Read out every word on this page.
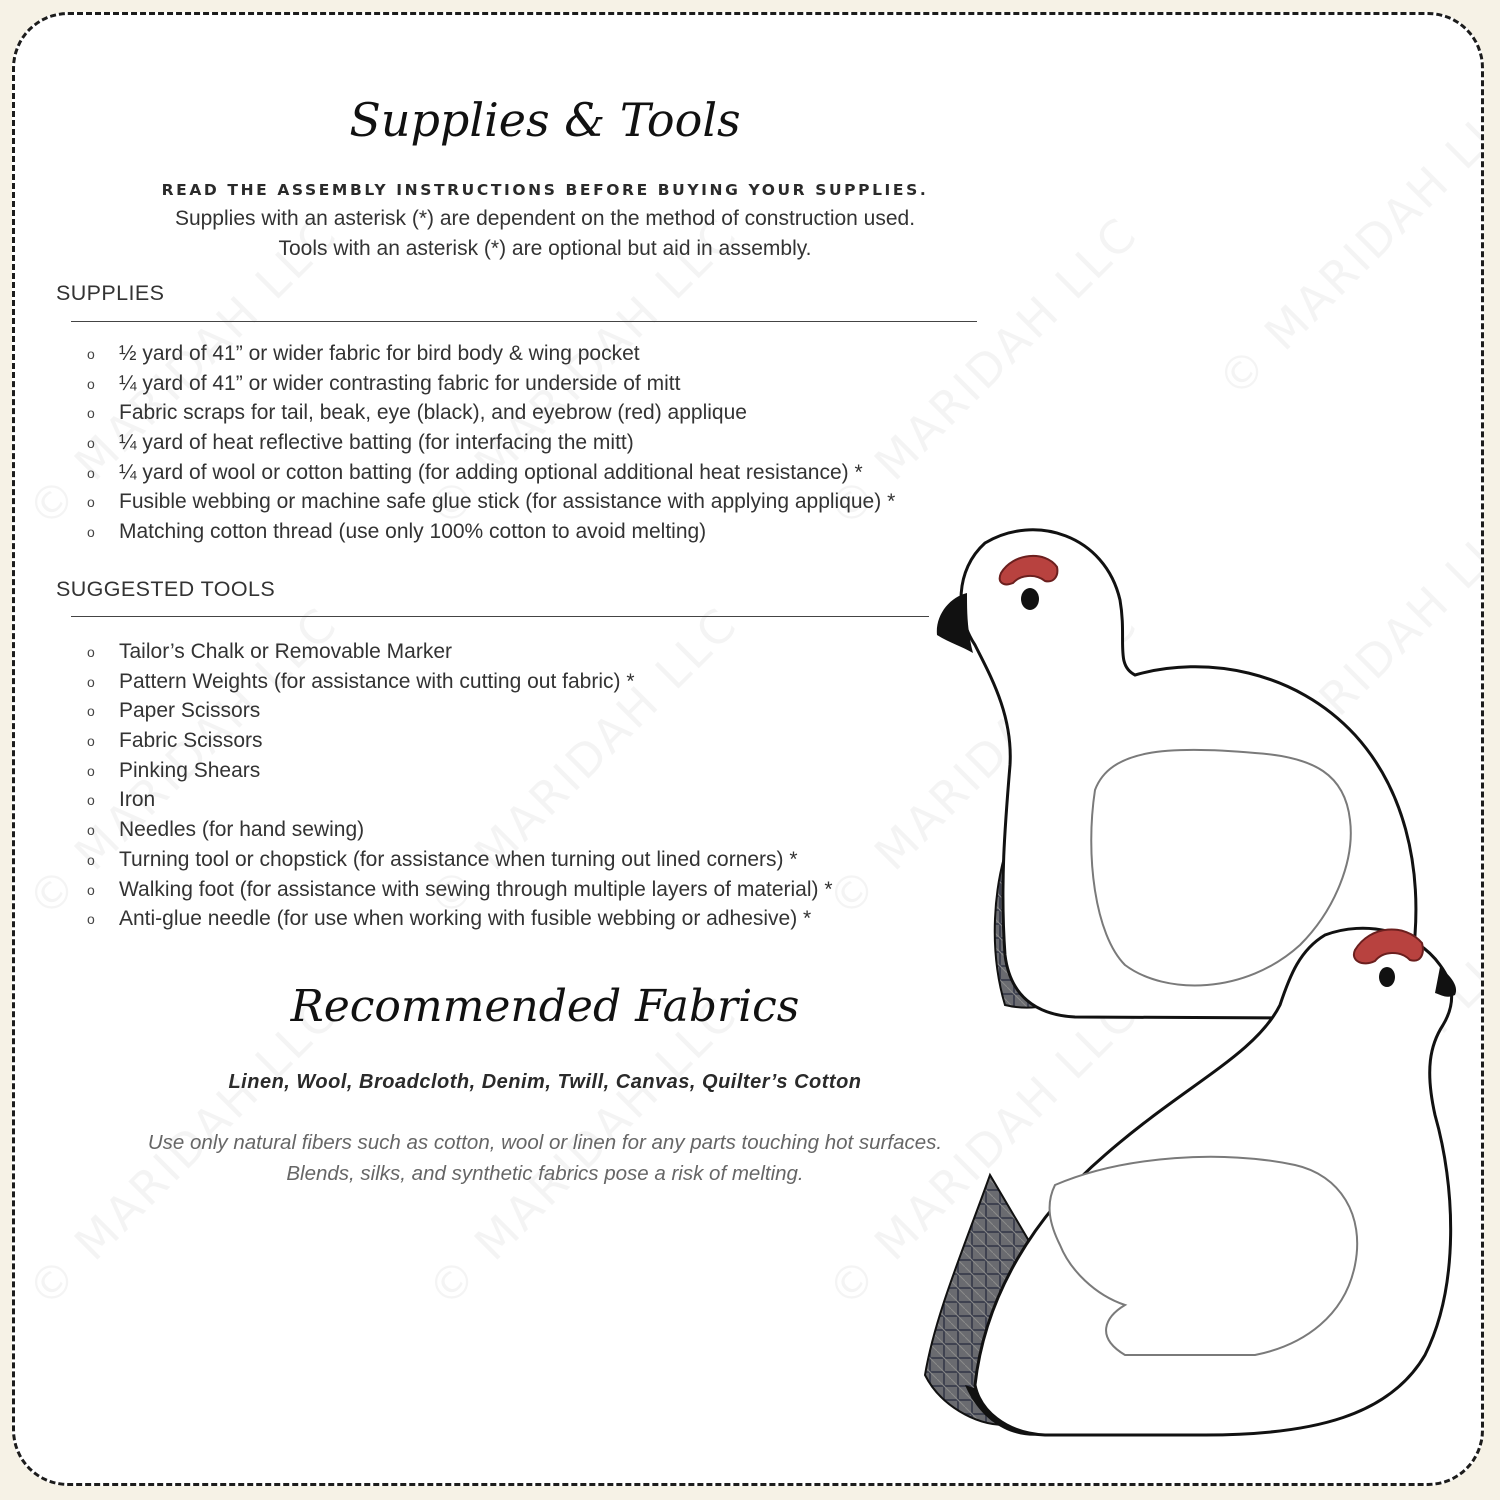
Supplies & Tools
READ THE ASSEMBLY INSTRUCTIONS BEFORE BUYING YOUR SUPPLIES.
Supplies with an asterisk (*) are dependent on the method of construction used.
Tools with an asterisk (*) are optional but aid in assembly.
SUPPLIES
o ½ yard of 41” or wider fabric for bird body & wing pocket
o ¼ yard of 41” or wider contrasting fabric for underside of mitt
o Fabric scraps for tail, beak, eye (black), and eyebrow (red) applique
o ¼ yard of heat reflective batting (for interfacing the mitt)
o ¼ yard of wool or cotton batting (for adding optional additional heat resistance) *
o Fusible webbing or machine safe glue stick (for assistance with applying applique) *
o Matching cotton thread (use only 100% cotton to avoid melting)
SUGGESTED TOOLS
o Tailor’s Chalk or Removable Marker
o Pattern Weights (for assistance with cutting out fabric) *
o Paper Scissors
o Fabric Scissors
o Pinking Shears
o Iron
o Needles (for hand sewing)
o Turning tool or chopstick (for assistance when turning out lined corners) *
o Walking foot (for assistance with sewing through multiple layers of material) *
o Anti-glue needle (for use when working with fusible webbing or adhesive) *
Recommended Fabrics
Linen, Wool, Broadcloth, Denim, Twill, Canvas, Quilter’s Cotton
Use only natural fibers such as cotton, wool or linen for any parts touching hot surfaces.
Blends, silks, and synthetic fabrics pose a risk of melting.
